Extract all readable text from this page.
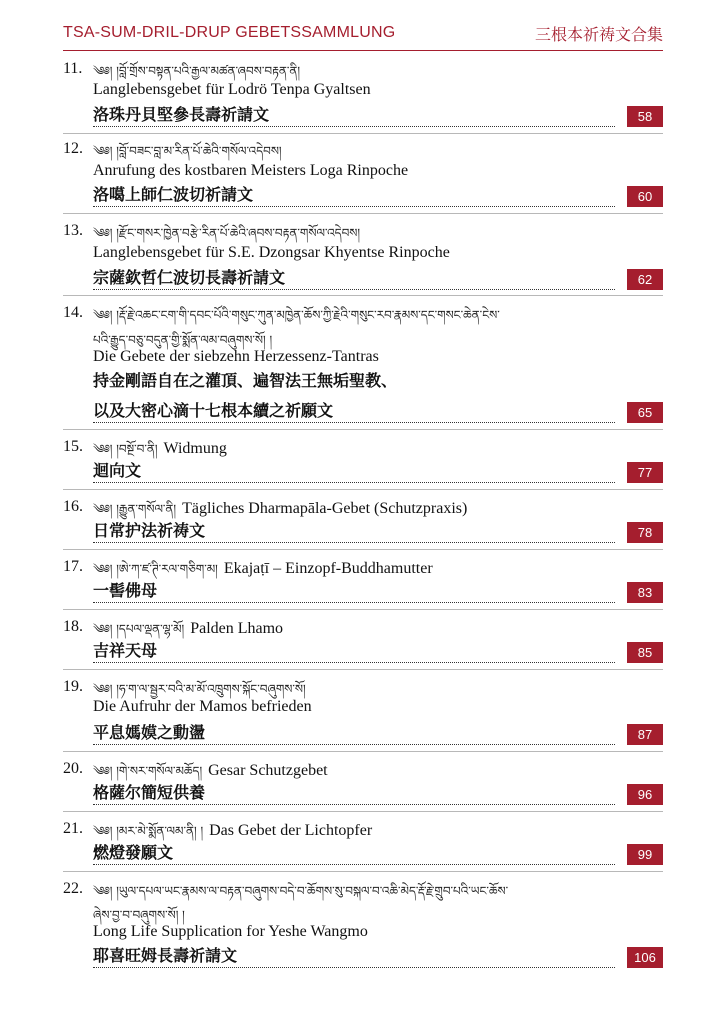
TSA-SUM-DRIL-DRUP GEBETSSAMMLUNG	三根本祈祷文合集
11. ༄༅། །བློ་གྲོས་བསྟན་པའི་རྒྱལ་མཚན་ཞབས་བརྟན་ནི།
Langlebensgebet für Lodrö Tenpa Gyaltsen
洛珠丹貝堅參長壽祈請文	58
12. ༄༅། །བློ་བཟང་བླ་མ་རིན་པོ་ཆེའི་གསོལ་འདེབས།
Anrufung des kostbaren Meisters Loga Rinpoche
洛噶上師仁波切祈請文	60
13. ༄༅། །རྫོང་གསར་ཁྱེན་བརྩེ་རིན་པོ་ཆེའི་ཞབས་བརྟན་གསོལ་འདེབས།
Langlebensgebet für S.E. Dzongsar Khyentse Rinpoche
宗薩欽哲仁波切長壽祈請文	62
14. ༄༅། །རྡོ་རྗེ་འཆང་ངག་གི་དབང་པོའི་གསུང་ཀུན་མཁྱེན་ཆོས་ཀྱི་རྗེའི་གསུང་རབ་རྣམས་དང་གསང་ཆེན་ངེས་
པའི་རྒྱུད་བཅུ་བདུན་གྱི་སྨོན་ལམ་བཞུགས་སོ། །
Die Gebete der siebzehn Herzessenz-Tantras
持金剛語自在之灌頂、遍智法王無垢聖教、
以及大密心滴十七根本續之祈願文	65
15. ༄༅། །བསྔོ་བ་ནི། Widmung
迴向文	77
16. ༄༅། །རྒྱུན་གསོལ་ནི། Tägliches Dharmapāla-Gebet (Schutzpraxis)
日常护法祈祷文	78
17. ༄༅། །ཨེ་ཀ་ཛ་ཊི་རལ་གཅིག་མ། Ekajaṭī – Einzopf-Buddhamutter
一髻佛母	83
18. ༄༅། །དཔལ་ལྡན་ལྷ་མོ། Palden Lhamo
吉祥天母	85
19. ༄༅། །ཧ་ག་ལ་སྦྱར་བའི་མ་མོ་འཁྲུགས་སྐོང་བཞུགས་སོ།
Die Aufruhr der Mamos befrieden
平息媽嫫之動盪	87
20. ༄༅། །གེ་སར་གསོལ་མཆོད། Gesar Schutzgebet
格薩尔簡短供養	96
21. ༄༅། །མར་མེ་སྨོན་ལམ་ནི། ། Das Gebet der Lichtopfer
燃燈發願文	99
22. ༄༅། །ཡུལ་དཔལ་ཡང་རྣམས་ལ་བརྟན་བཞུགས་བདེ་བ་ཆོགས་སུ་བསྐལ་བ་འཆི་མེད་རྡོ་རྗེ་གྲུབ་པའི་ཡང་ཆོས་
ཞེས་བྱ་བ་བཞུགས་སོ། །
Long Life Supplication for Yeshe Wangmo
耶喜旺姆長壽祈請文	106
